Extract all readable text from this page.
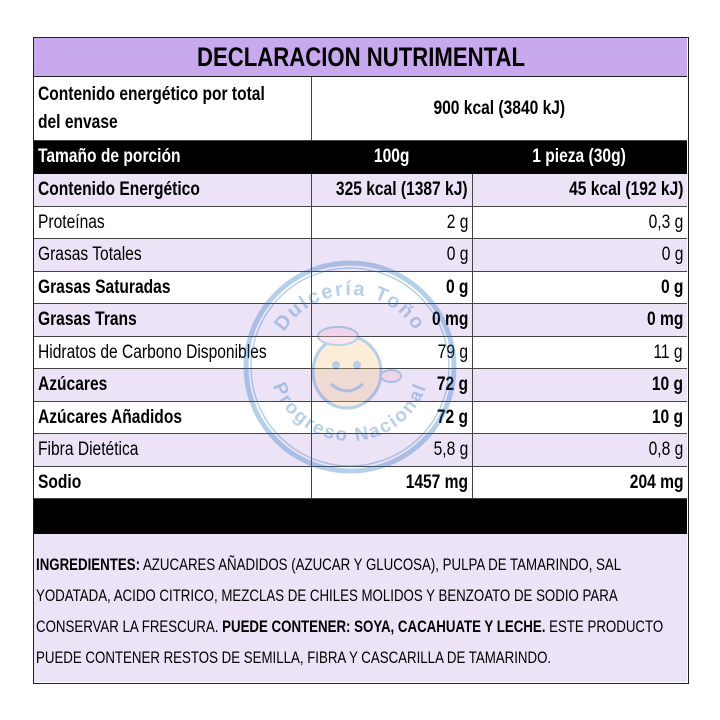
DECLARACION NUTRIMENTAL
Contenido energético por total
del envase
900 kcal (3840 kJ)
Tamaño de porción	100g	1 pieza (30g)
Contenido Energético	325 kcal (1387 kJ)	45 kcal (192 kJ)
Proteínas	2 g	0,3 g
Grasas Totales	0 g	0 g
Grasas Saturadas	0 g	0 g
Grasas Trans	0 mg	0 mg
Hidratos de Carbono Disponibles	79 g	11 g
Azúcares	72 g	10 g
Azúcares Añadidos	72 g	10 g
Fibra Dietética	5,8 g	0,8 g
Sodio	1457 mg	204 mg
INGREDIENTES: AZUCARES AÑADIDOS (AZUCAR Y GLUCOSA), PULPA DE TAMARINDO, SAL YODATADA, ACIDO CITRICO, MEZCLAS DE CHILES MOLIDOS Y BENZOATO DE SODIO PARA CONSERVAR LA FRESCURA. PUEDE CONTENER: SOYA, CACAHUATE Y LECHE. ESTE PRODUCTO PUEDE CONTENER RESTOS DE SEMILLA, FIBRA Y CASCARILLA DE TAMARINDO.
Dulcería Toño
Progreso Nacional
